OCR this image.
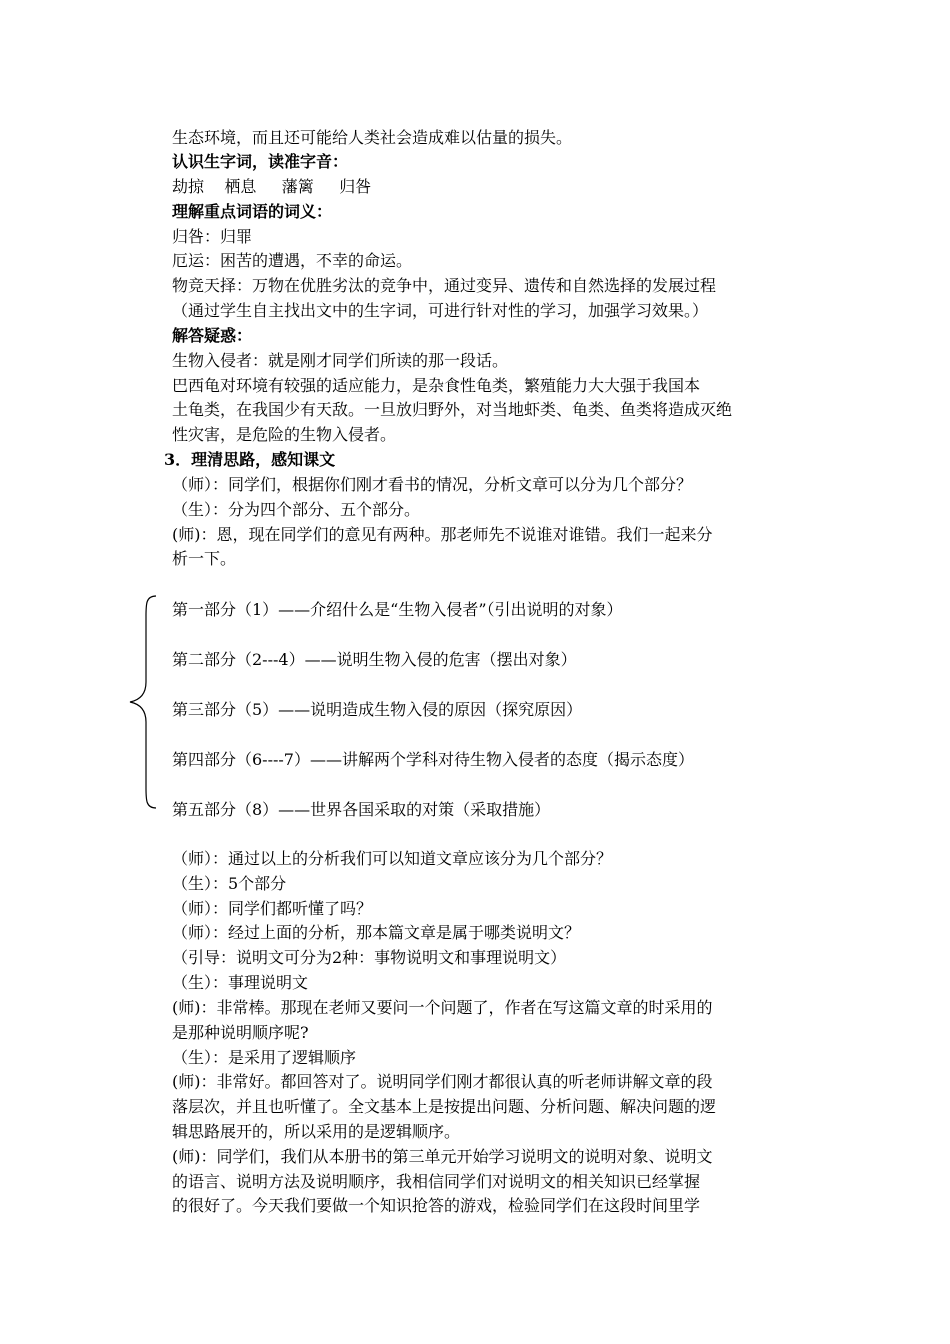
生态环境，而且还可能给人类社会造成难以估量的损失。
认识生字词，读准字音：
劫掠    栖息     藩篱     归咎
理解重点词语的词义：
归咎：归罪
厄运：困苦的遭遇，不幸的命运。
物竞天择：万物在优胜劣汰的竞争中，通过变异、遗传和自然选择的发展过程
（通过学生自主找出文中的生字词，可进行针对性的学习，加强学习效果。）
解答疑惑：
生物入侵者：就是刚才同学们所读的那一段话。
巴西龟对环境有较强的适应能力，是杂食性龟类，繁殖能力大大强于我国本
土龟类，在我国少有天敌。一旦放归野外，对当地虾类、龟类、鱼类将造成灭绝
性灾害，是危险的生物入侵者。
3．理清思路，感知课文
（师）：同学们，根据你们刚才看书的情况，分析文章可以分为几个部分？
（生）：分为四个部分、五个部分。
(师)：恩，现在同学们的意见有两种。那老师先不说谁对谁错。我们一起来分
析一下。
第一部分（1）——介绍什么是“生物入侵者”（引出说明的对象）
第二部分（2---4）——说明生物入侵的危害（摆出对象）
第三部分（5）——说明造成生物入侵的原因（探究原因）
第四部分（6----7）——讲解两个学科对待生物入侵者的态度（揭示态度）
第五部分（8）——世界各国采取的对策（采取措施）
（师）：通过以上的分析我们可以知道文章应该分为几个部分？
（生）：5个部分
（师）：同学们都听懂了吗？
（师）：经过上面的分析，那本篇文章是属于哪类说明文？
（引导：说明文可分为2种：事物说明文和事理说明文）
（生）：事理说明文
(师)：非常棒。那现在老师又要问一个问题了，作者在写这篇文章的时采用的
是那种说明顺序呢?
（生）：是采用了逻辑顺序
(师)：非常好。都回答对了。说明同学们刚才都很认真的听老师讲解文章的段
落层次，并且也听懂了。全文基本上是按提出问题、分析问题、解决问题的逻
辑思路展开的，所以采用的是逻辑顺序。
(师)：同学们，我们从本册书的第三单元开始学习说明文的说明对象、说明文
的语言、说明方法及说明顺序，我相信同学们对说明文的相关知识已经掌握
的很好了。今天我们要做一个知识抢答的游戏，检验同学们在这段时间里学
